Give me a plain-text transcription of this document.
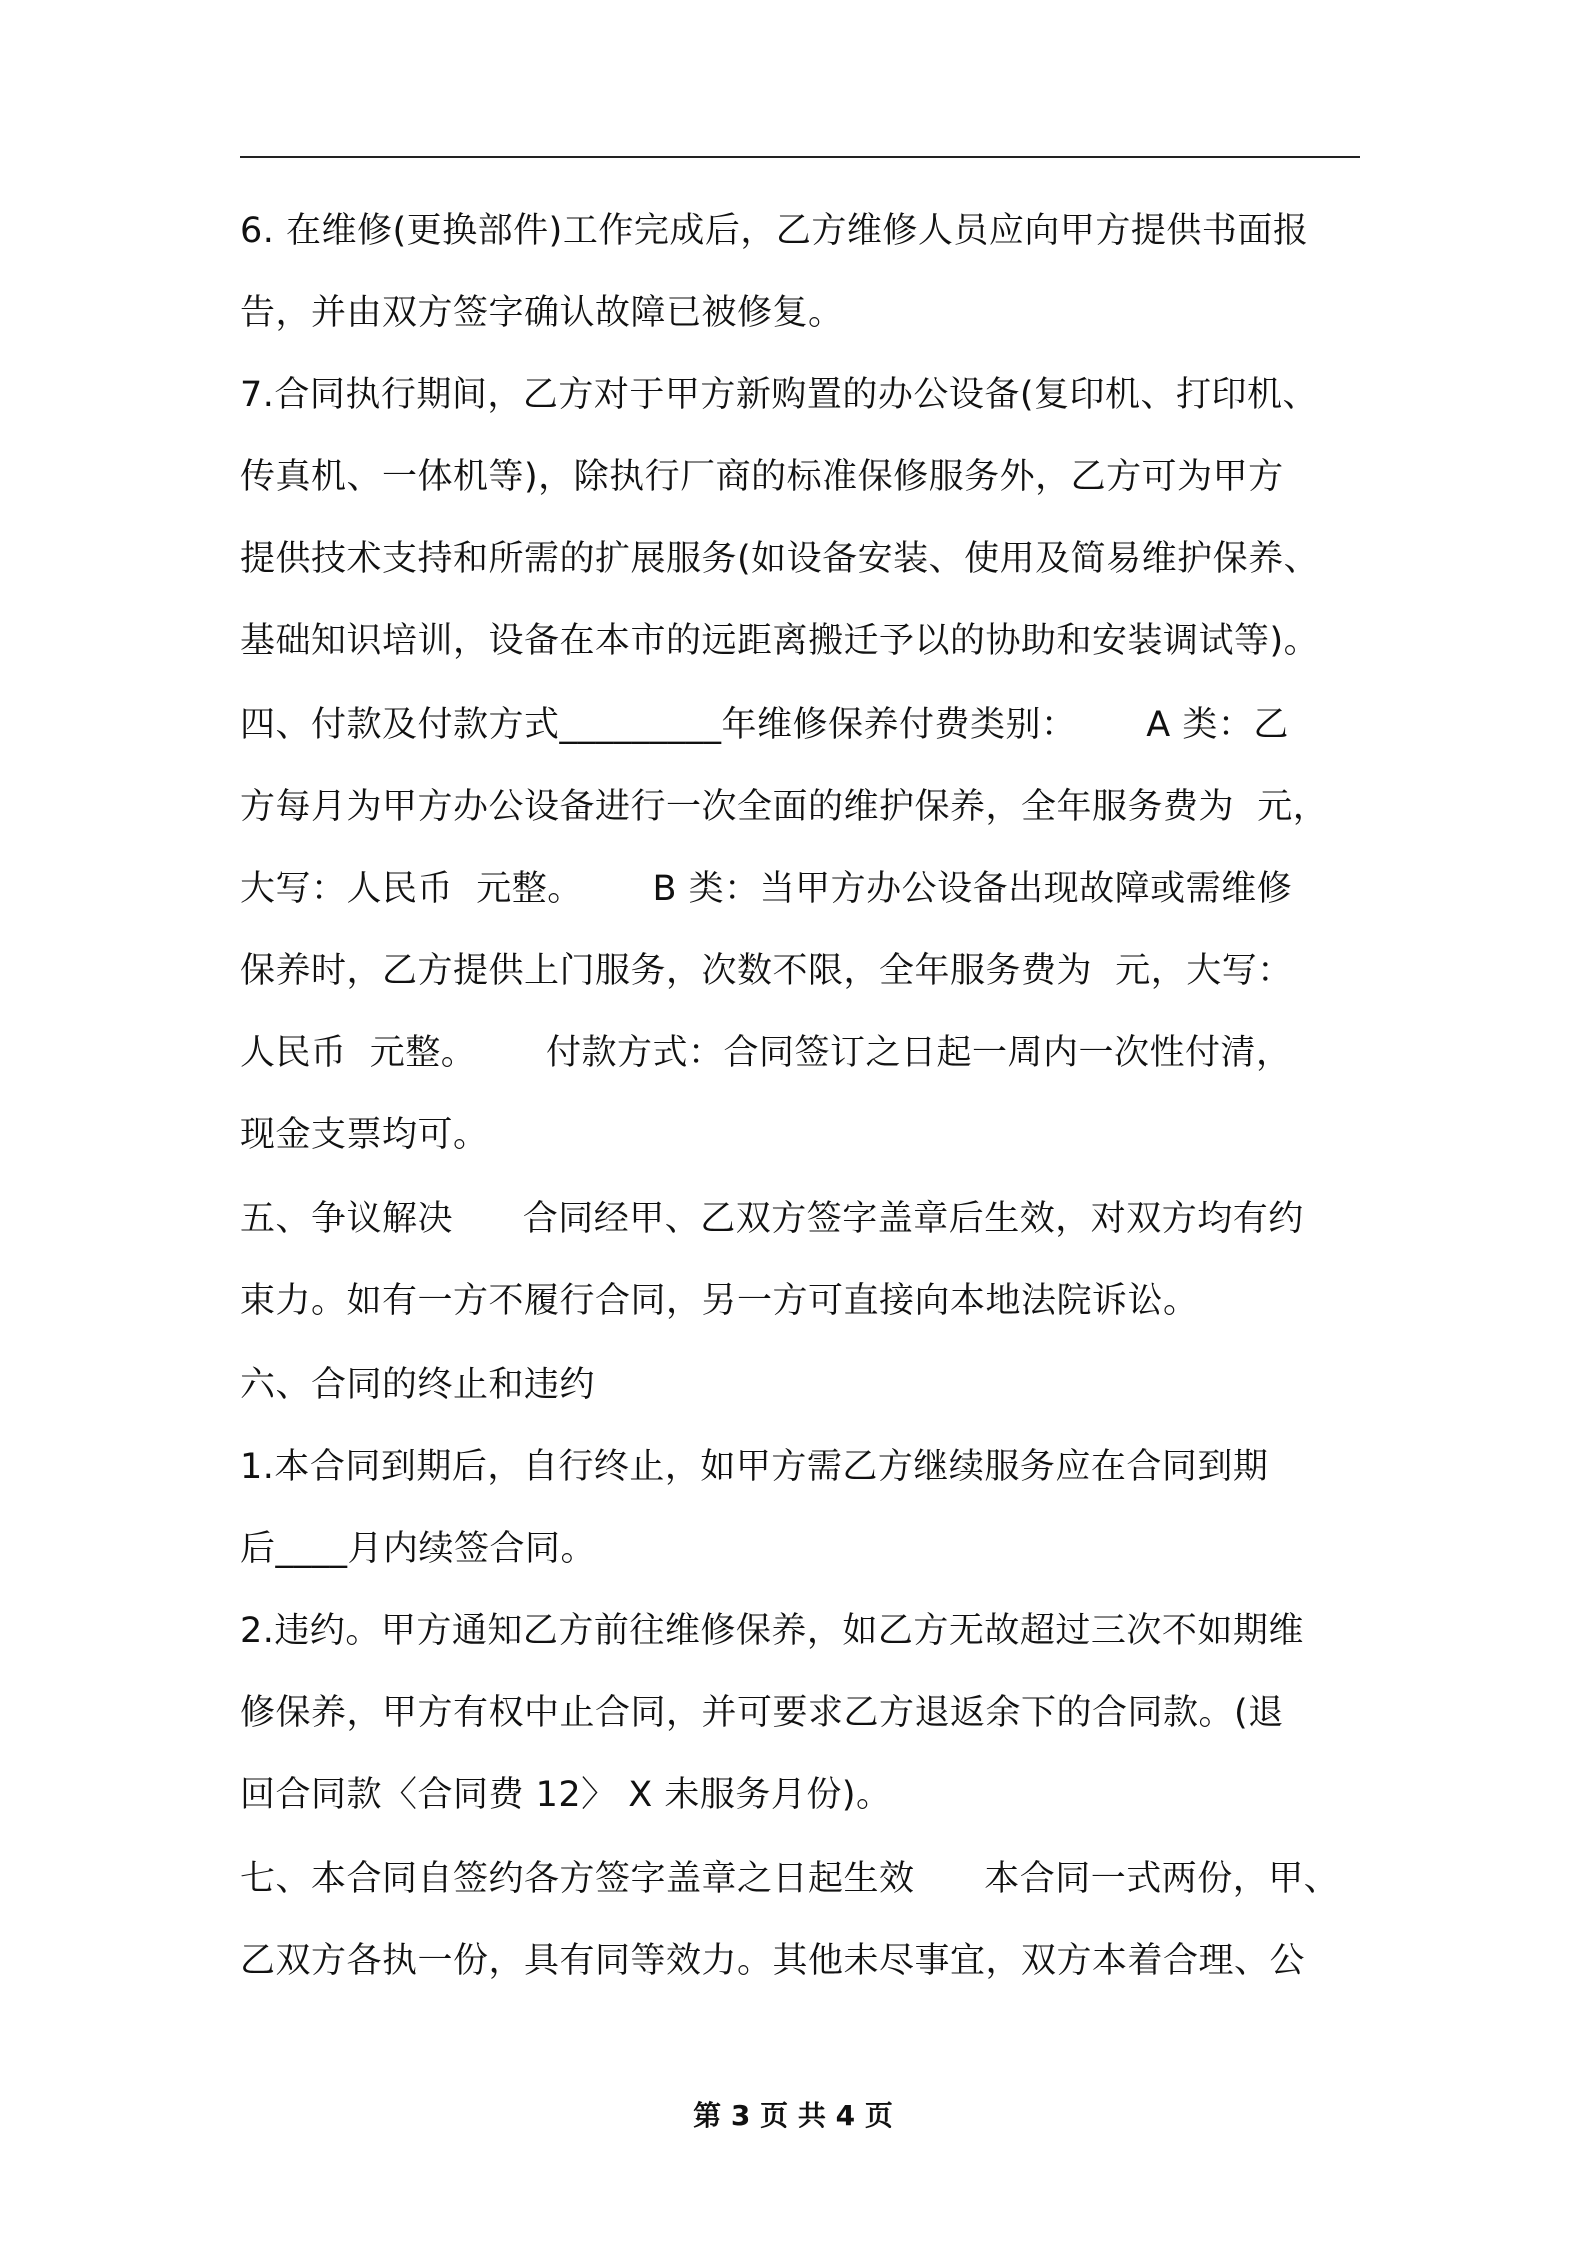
6. 在维修(更换部件)工作完成后，乙方维修人员应向甲方提供书面报
告，并由双方签字确认故障已被修复。
7.合同执行期间，乙方对于甲方新购置的办公设备(复印机、打印机、
传真机、一体机等)，除执行厂商的标准保修服务外，乙方可为甲方
提供技术支持和所需的扩展服务(如设备安装、使用及简易维护保养、
基础知识培训，设备在本市的远距离搬迁予以的协助和安装调试等)。
四、付款及付款方式_________年维修保养付费类别：      A 类：乙
方每月为甲方办公设备进行一次全面的维护保养，全年服务费为  元，
大写：人民币  元整。      B 类：当甲方办公设备出现故障或需维修
保养时，乙方提供上门服务，次数不限，全年服务费为  元，大写：
人民币  元整。      付款方式：合同签订之日起一周内一次性付清，
现金支票均可。
五、争议解决      合同经甲、乙双方签字盖章后生效，对双方均有约
束力。如有一方不履行合同，另一方可直接向本地法院诉讼。
六、合同的终止和违约
1.本合同到期后，自行终止，如甲方需乙方继续服务应在合同到期
后____月内续签合同。
2.违约。甲方通知乙方前往维修保养，如乙方无故超过三次不如期维
修保养，甲方有权中止合同，并可要求乙方退返余下的合同款。(退
回合同款〈合同费 12〉 X 未服务月份)。
七、本合同自签约各方签字盖章之日起生效      本合同一式两份，甲、
乙双方各执一份，具有同等效力。其他未尽事宜，双方本着合理、公
第 3 页 共 4 页
